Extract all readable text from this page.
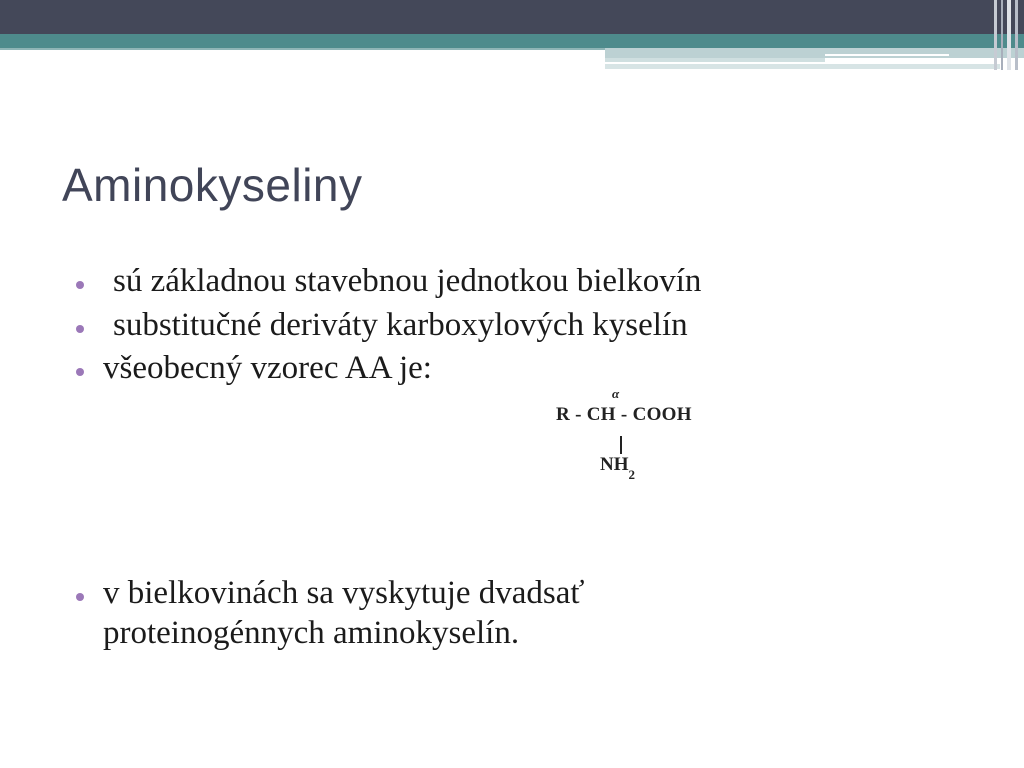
Aminokyseliny
sú základnou stavebnou jednotkou bielkovín
substitučné deriváty karboxylových kyselín
všeobecný vzorec AA je:
v bielkovinách sa vyskytuje dvadsať proteinogénnych aminokyselín.
α
R - CH - COOH
$NH_2$
